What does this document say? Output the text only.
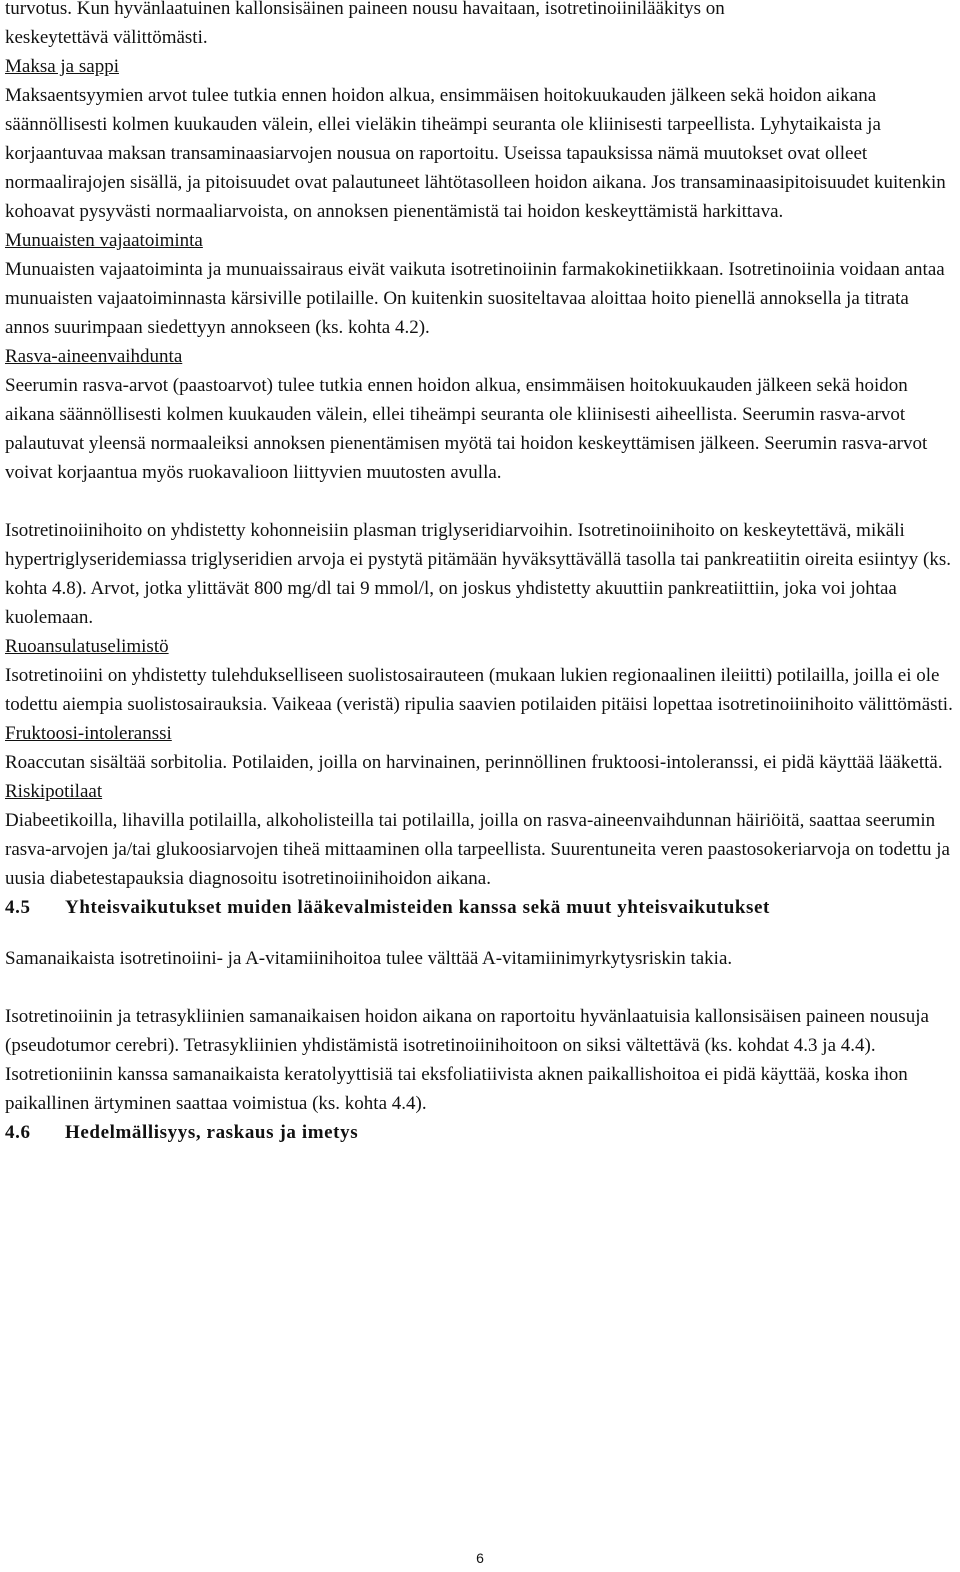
turvotus. Kun hyvänlaatuinen kallonsisäinen paineen nousu havaitaan, isotretinoiinilääkitys on

keskeytettävä välittömästi.

Maksa ja sappi

Maksaentsyymien arvot tulee tutkia ennen hoidon alkua, ensimmäisen hoitokuukauden jälkeen sekä hoidon aikana säännöllisesti kolmen kuukauden välein, ellei vieläkin tiheämpi seuranta ole kliinisesti tarpeellista. Lyhytaikaista ja korjaantuvaa maksan transaminaasiarvojen nousua on raportoitu. Useissa tapauksissa nämä muutokset ovat olleet normaalirajojen sisällä, ja pitoisuudet ovat palautuneet lähtötasolleen hoidon aikana. Jos transaminaasipitoisuudet kuitenkin kohoavat pysyvästi normaaliarvoista, on annoksen pienentämistä tai hoidon keskeyttämistä harkittava.

Munuaisten vajaatoiminta

Munuaisten vajaatoiminta ja munuaissairaus eivät vaikuta isotretinoiinin farmakokinetiikkaan. Isotretinoiinia voidaan antaa munuaisten vajaatoiminnasta kärsiville potilaille. On kuitenkin suositeltavaa aloittaa hoito pienellä annoksella ja titrata annos suurimpaan siedettyyn annokseen (ks. kohta 4.2).

Rasva-aineenvaihdunta

Seerumin rasva-arvot (paastoarvot) tulee tutkia ennen hoidon alkua, ensimmäisen hoitokuukauden jälkeen sekä hoidon aikana säännöllisesti kolmen kuukauden välein, ellei tiheämpi seuranta ole kliinisesti aiheellista. Seerumin rasva-arvot palautuvat yleensä normaaleiksi annoksen pienentämisen myötä tai hoidon keskeyttämisen jälkeen. Seerumin rasva-arvot voivat korjaantua myös ruokavalioon liittyvien muutosten avulla.

Isotretinoiinihoito on yhdistetty kohonneisiin plasman triglyseridiarvoihin. Isotretinoiinihoito on keskeytettävä, mikäli hypertriglyseridemiassa triglyseridien arvoja ei pystytä pitämään hyväksyttävällä tasolla tai pankreatiitin oireita esiintyy (ks. kohta 4.8). Arvot, jotka ylittävät 800 mg/dl tai 9 mmol/l, on joskus yhdistetty akuuttiin pankreatiittiin, joka voi johtaa kuolemaan.

Ruoansulatuselimistö

Isotretinoiini on yhdistetty tulehdukselliseen suolistosairauteen (mukaan lukien regionaalinen ileiitti) potilailla, joilla ei ole todettu aiempia suolistosairauksia. Vaikeaa (veristä) ripulia saavien potilaiden pitäisi lopettaa isotretinoiinihoito välittömästi.

Fruktoosi-intoleranssi

Roaccutan sisältää sorbitolia. Potilaiden, joilla on harvinainen, perinnöllinen fruktoosi-intoleranssi, ei pidä käyttää lääkettä.

Riskipotilaat

Diabeetikoilla, lihavilla potilailla, alkoholisteilla tai potilailla, joilla on rasva-aineenvaihdunnan häiriöitä, saattaa seerumin rasva-arvojen ja/tai glukoosiarvojen tiheä mittaaminen olla tarpeellista. Suurentuneita veren paastosokeriarvoja on todettu ja uusia diabetestapauksia diagnosoitu isotretinoiinihoidon aikana.

4.5 Yhteisvaikutukset muiden lääkevalmisteiden kanssa sekä muut yhteisvaikutukset

Samanaikaista isotretinoiini- ja A-vitamiinihoitoa tulee välttää A-vitamiinimyrkytysriskin takia.

Isotretinoiinin ja tetrasykliinien samanaikaisen hoidon aikana on raportoitu hyvänlaatuisia kallonsisäisen paineen nousuja (pseudotumor cerebri). Tetrasykliinien yhdistämistä isotretinoiinihoitoon on siksi vältettävä (ks. kohdat 4.3 ja 4.4).

Isotretioniinin kanssa samanaikaista keratolyyttisiä tai eksfoliatiivista aknen paikallishoitoa ei pidä käyttää, koska ihon paikallinen ärtyminen saattaa voimistua (ks. kohta 4.4).

4.6 Hedelmällisyys, raskaus ja imetys

6
